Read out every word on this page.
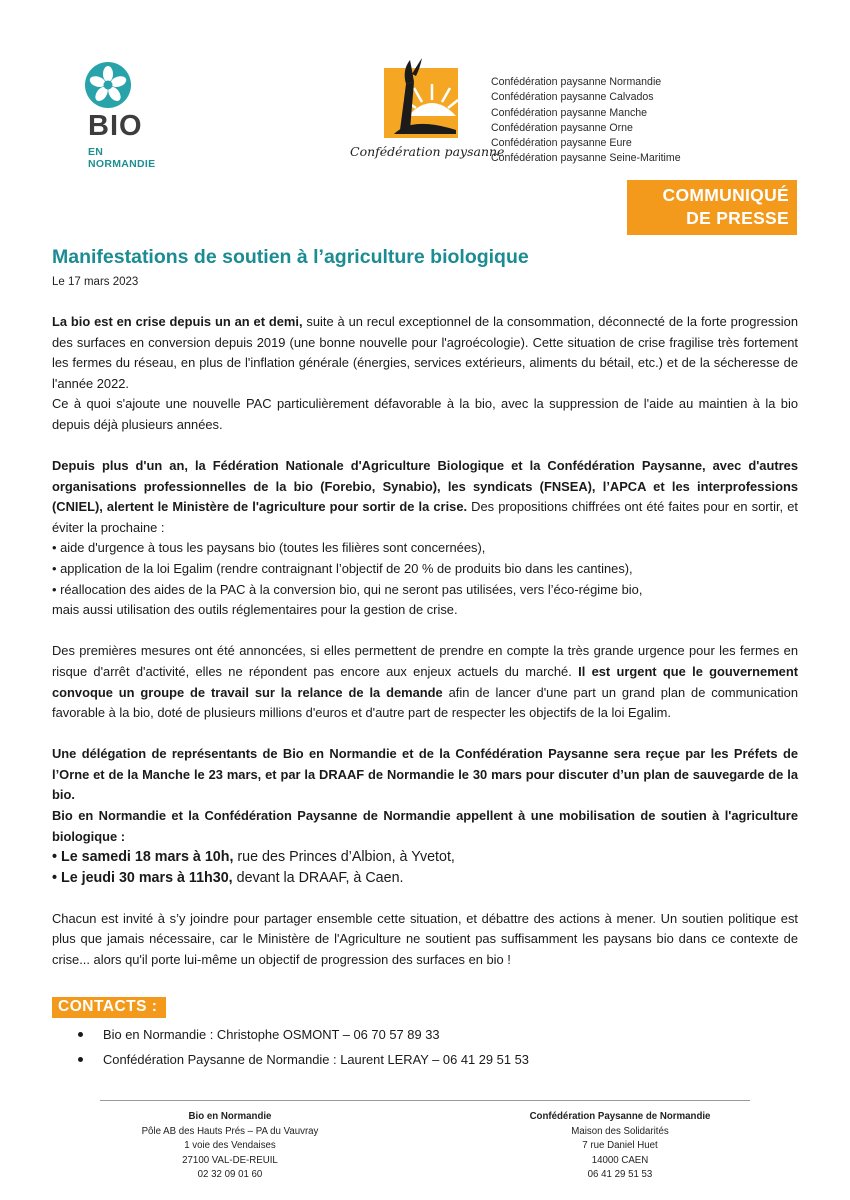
BIO
EN NORMANDIE
Confédération paysanne
Confédération paysanne Normandie
Confédération paysanne Calvados
Confédération paysanne Manche
Confédération paysanne Orne
Confédération paysanne Eure
Confédération paysanne Seine-Maritime
COMMUNIQUÉ
DE PRESSE
Manifestations de soutien à l’agriculture biologique
Le 17 mars 2023

La bio est en crise depuis un an et demi, suite à un recul exceptionnel de la consommation, déconnecté de la forte progression des surfaces en conversion depuis 2019 (une bonne nouvelle pour l'agroécologie). Cette situation de crise fragilise très fortement les fermes du réseau, en plus de l'inflation générale (énergies, services extérieurs, aliments du bétail, etc.) et de la sécheresse de l'année 2022.

Ce à quoi s'ajoute une nouvelle PAC particulièrement défavorable à la bio, avec la suppression de l'aide au maintien à la bio depuis déjà plusieurs années.

Depuis plus d'un an, la Fédération Nationale d'Agriculture Biologique et la Confédération Paysanne, avec d'autres organisations professionnelles de la bio (Forebio, Synabio), les syndicats (FNSEA), l’APCA et les interprofessions (CNIEL), alertent le Ministère de l'agriculture pour sortir de la crise. Des propositions chiffrées ont été faites pour en sortir, et éviter la prochaine :

• aide d'urgence à tous les paysans bio (toutes les filières sont concernées),

• application de la loi Egalim (rendre contraignant l’objectif de 20 % de produits bio dans les cantines),

• réallocation des aides de la PAC à la conversion bio, qui ne seront pas utilisées, vers l’éco-régime bio,

mais aussi utilisation des outils réglementaires pour la gestion de crise.

Des premières mesures ont été annoncées, si elles permettent de prendre en compte la très grande urgence pour les fermes en risque d'arrêt d'activité, elles ne répondent pas encore aux enjeux actuels du marché. Il est urgent que le gouvernement convoque un groupe de travail sur la relance de la demande afin de lancer d'une part un grand plan de communication favorable à la bio, doté de plusieurs millions d'euros et d'autre part de respecter les objectifs de la loi Egalim.

Une délégation de représentants de Bio en Normandie et de la Confédération Paysanne sera reçue par les Préfets de l’Orne et de la Manche le 23 mars, et par la DRAAF de Normandie le 30 mars pour discuter d’un plan de sauvegarde de la bio.

Bio en Normandie et la Confédération Paysanne de Normandie appellent à une mobilisation de soutien à l'agriculture biologique :

• Le samedi 18 mars à 10h, rue des Princes d’Albion, à Yvetot,

• Le jeudi 30 mars à 11h30, devant la DRAAF, à Caen.

Chacun est invité à s’y joindre pour partager ensemble cette situation, et débattre des actions à mener. Un soutien politique est plus que jamais nécessaire, car le Ministère de l'Agriculture ne soutient pas suffisamment les paysans bio dans ce contexte de crise... alors qu'il porte lui-même un objectif de progression des surfaces en bio !

CONTACTS :
Bio en Normandie : Christophe OSMONT – 06 70 57 89 33
Confédération Paysanne de Normandie : Laurent LERAY – 06 41 29 51 53
Bio en Normandie
Pôle AB des Hauts Prés – PA du Vauvray
1 voie des Vendaises
27100 VAL-DE-REUIL
02 32 09 01 60
Confédération Paysanne de Normandie
Maison des Solidarités
7 rue Daniel Huet
14000 CAEN
06 41 29 51 53
